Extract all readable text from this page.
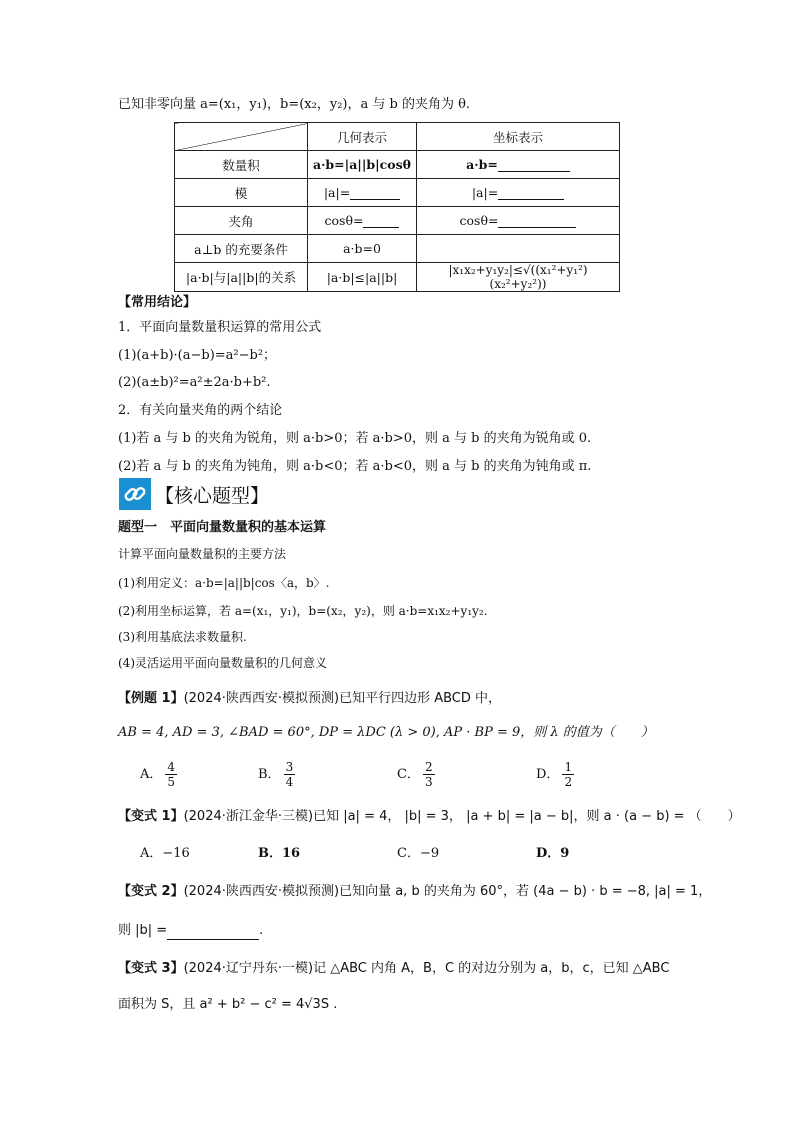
已知非零向量 a=(x₁，y₁)，b=(x₂，y₂)，a 与 b 的夹角为 θ.
	几何表示	坐标表示
数量积	a·b=|a||b|cosθ	a·b=
模	|a|=	|a|=
夹角	cosθ=	cosθ=
a⊥b 的充要条件	a·b=0	
|a·b|与|a||b|的关系	|a·b|≤|a||b|	|x₁x₂+y₁y₂|≤√((x₁²+y₁²)(x₂²+y₂²))
【常用结论】
1．平面向量数量积运算的常用公式
(1)(a+b)·(a−b)=a²−b²；
(2)(a±b)²=a²±2a·b+b².
2．有关向量夹角的两个结论
(1)若 a 与 b 的夹角为锐角，则 a·b>0；若 a·b>0，则 a 与 b 的夹角为锐角或 0.
(2)若 a 与 b 的夹角为钝角，则 a·b<0；若 a·b<0，则 a 与 b 的夹角为钝角或 π.
【核心题型】
题型一　平面向量数量积的基本运算
计算平面向量数量积的主要方法
(1)利用定义：a·b=|a||b|cos〈a，b〉.
(2)利用坐标运算，若 a=(x₁，y₁)，b=(x₂，y₂)，则 a·b=x₁x₂+y₁y₂.
(3)利用基底法求数量积.
(4)灵活运用平面向量数量积的几何意义
【例题 1】(2024·陕西西安·模拟预测)已知平行四边形 ABCD 中，
AB = 4, AD = 3, ∠BAD = 60°, DP = λDC (λ > 0), AP · BP = 9，则 λ 的值为（　　）
A． $\frac{4}{5}$	B． $\frac{3}{4}$	C． $\frac{2}{3}$	D． $\frac{1}{2}$
【变式 1】(2024·浙江金华·三模)已知 |a| = 4， |b| = 3， |a + b| = |a − b|，则 a · (a − b) = （　　）
A．−16	B．16	C．−9	D．9
【变式 2】(2024·陕西西安·模拟预测)已知向量 a, b 的夹角为 60°，若 (4a − b) · b = −8, |a| = 1，
则 |b| =	.
【变式 3】(2024·辽宁丹东·一模)记 △ABC 内角 A，B，C 的对边分别为 a，b，c，已知 △ABC
面积为 S，且 a² + b² − c² = 4√3S .
